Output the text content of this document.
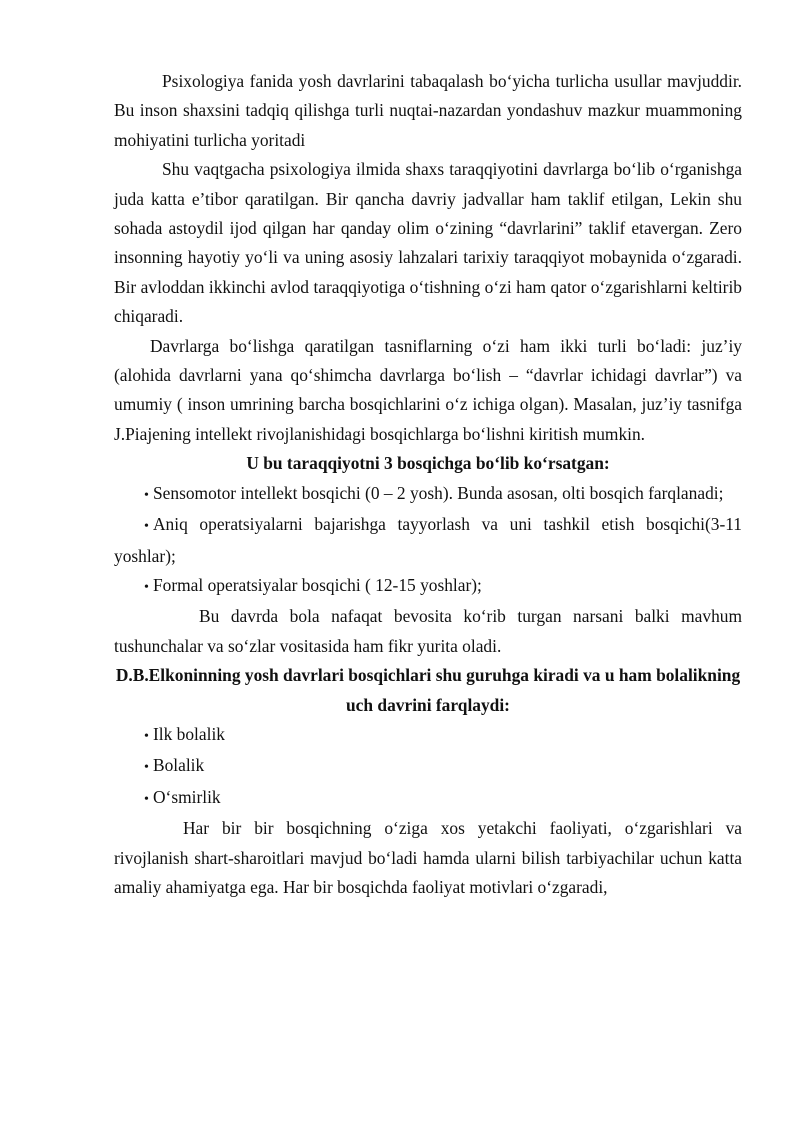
Psixologiya fanida yosh davrlarini tabaqalash bo‘yicha turlicha usullar mavjuddir. Bu inson shaxsini tadqiq qilishga turli nuqtai-nazardan yondashuv mazkur muammoning mohiyatini turlicha yoritadi

Shu vaqtgacha psixologiya ilmida shaxs taraqqiyotini davrlarga bo‘lib o‘rganishga juda katta e’tibor qaratilgan. Bir qancha davriy jadvallar ham taklif etilgan, Lekin shu sohada astoydil ijod qilgan har qanday olim o‘zining “davrlarini” taklif etavergan. Zero insonning hayotiy yo‘li va uning asosiy lahzalari tarixiy taraqqiyot mobaynida o‘zgaradi. Bir avloddan ikkinchi avlod taraqqiyotiga o‘tishning o‘zi ham qator o‘zgarishlarni keltirib chiqaradi.

Davrlarga bo‘lishga qaratilgan tasniflarning o‘zi ham ikki turli bo‘ladi: juz’iy (alohida davrlarni yana qo‘shimcha davrlarga bo‘lish – “davrlar ichidagi davrlar”) va umumiy ( inson umrining barcha bosqichlarini o‘z ichiga olgan). Masalan, juz’iy tasnifga J.Piajening intellekt rivojlanishidagi bosqichlarga bo‘lishni kiritish mumkin.

U bu taraqqiyotni 3 bosqichga bo‘lib ko‘rsatgan:

• Sensomotor intellekt bosqichi (0 – 2 yosh). Bunda asosan, olti bosqich farqlanadi;

• Aniq operatsiyalarni bajarishga tayyorlash va uni tashkil etish bosqichi(3-11 yoshlar);

• Formal operatsiyalar bosqichi ( 12-15 yoshlar);

Bu davrda bola nafaqat bevosita ko‘rib turgan narsani balki mavhum tushunchalar va so‘zlar vositasida ham fikr yurita oladi.

D.B.Elkoninning yosh davrlari bosqichlari shu guruhga kiradi va u ham bolalikning uch davrini farqlaydi:

• Ilk bolalik

• Bolalik

• O‘smirlik

Har bir bir bosqichning o‘ziga xos yetakchi faoliyati, o‘zgarishlari va rivojlanish shart-sharoitlari mavjud bo‘ladi hamda ularni bilish tarbiyachilar uchun katta amaliy ahamiyatga ega. Har bir bosqichda faoliyat motivlari o‘zgaradi,
